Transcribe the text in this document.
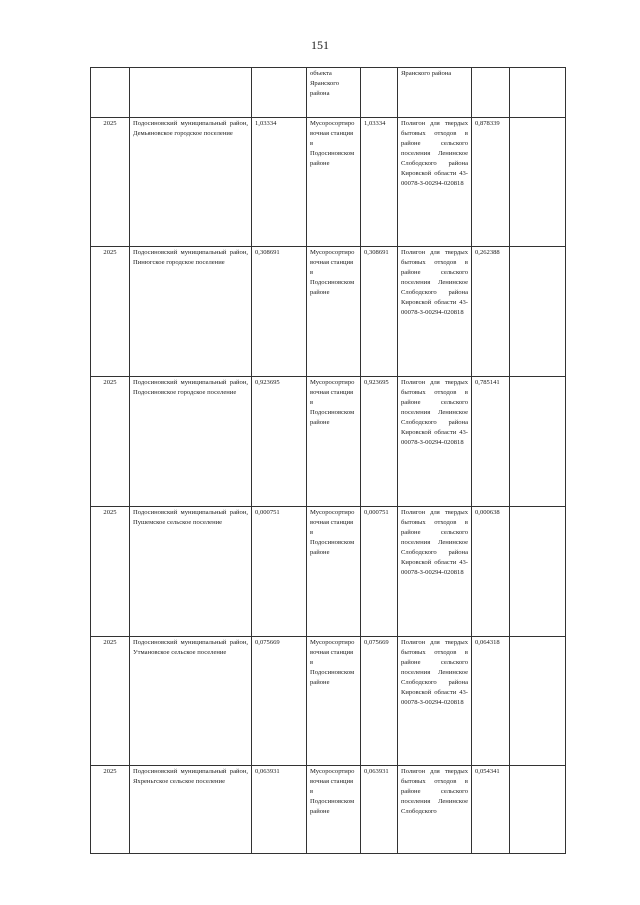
151
			объекта Яранского района		Яранского района		
2025	Подосиновский муниципальный район, Демьяновское городское поселение	1,03334	Мусоросортировочная станция в Подосиновском районе	1,03334	Полигон для твердых бытовых отходов в районе сельского поселения Ленинское Слободского района Кировской области 43-00078-З-00294-020818	0,878339	
2025	Подосиновский муниципальный район, Пинюгское городское поселение	0,308691	Мусоросортировочная станция в Подосиновском районе	0,308691	Полигон для твердых бытовых отходов в районе сельского поселения Ленинское Слободского района Кировской области 43-00078-З-00294-020818	0,262388	
2025	Подосиновский муниципальный район, Подосиновское городское поселение	0,923695	Мусоросортировочная станция в Подосиновском районе	0,923695	Полигон для твердых бытовых отходов в районе сельского поселения Ленинское Слободского района Кировской области 43-00078-З-00294-020818	0,785141	
2025	Подосиновский муниципальный район, Пушемское сельское поселение	0,000751	Мусоросортировочная станция в Подосиновском районе	0,000751	Полигон для твердых бытовых отходов в районе сельского поселения Ленинское Слободского района Кировской области 43-00078-З-00294-020818	0,000638	
2025	Подосиновский муниципальный район, Утмановское сельское поселение	0,075669	Мусоросортировочная станция в Подосиновском районе	0,075669	Полигон для твердых бытовых отходов в районе сельского поселения Ленинское Слободского района Кировской области 43-00078-З-00294-020818	0,064318	
2025	Подосиновский муниципальный район, Яхреньгское сельское поселение	0,063931	Мусоросортировочная станция в Подосиновском районе	0,063931	Полигон для твердых бытовых отходов в районе сельского поселения Ленинское Слободского	0,054341	
